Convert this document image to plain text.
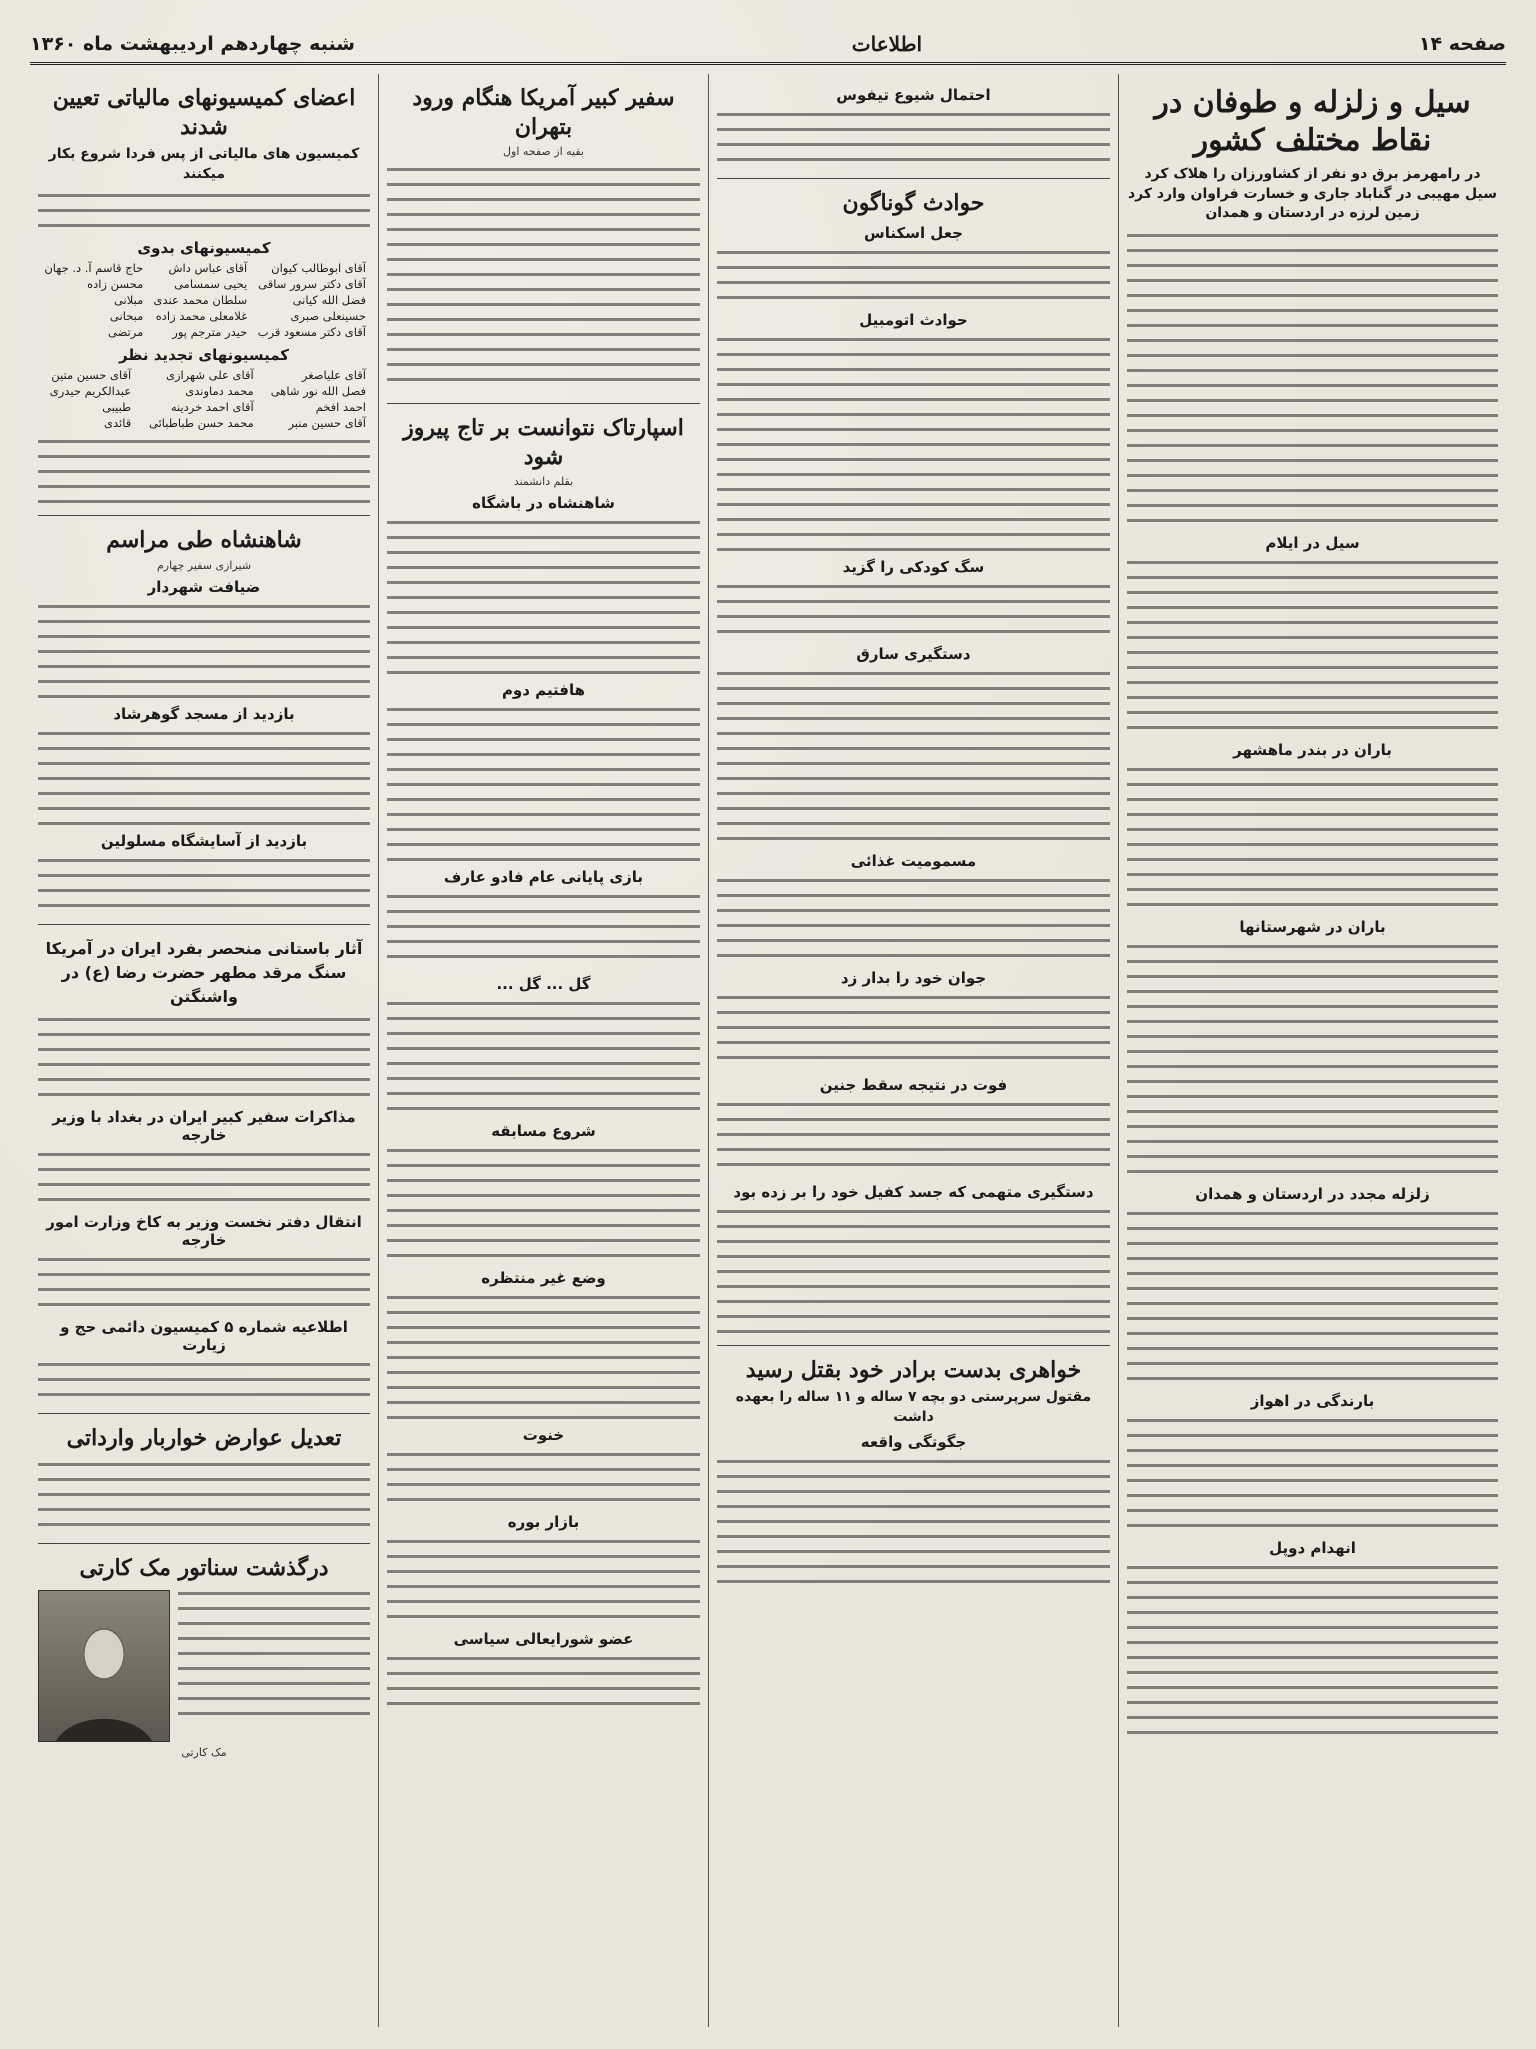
صفحه ۱۴
اطلاعات
شنبه چهاردهم اردیبهشت ماه ۱۳۶۰
سیل و زلزله و طوفان در نقاط مختلف کشور
در رامهرمز برق دو نفر از کشاورزان را هلاک کرد سیل مهیبی در گناباد جاری و خسارت فراوان وارد کرد زمین لرزه در اردستان و همدان
سیل در ایلام
باران در بندر ماهشهر
باران در شهرستانها
زلزله مجدد در اردستان و همدان
بارندگی در اهواز
انهدام دوپل
احتمال شیوع تیفوس
حوادث گوناگون
جعل اسکناس
حوادث اتومبیل
سگ کودکی را گزید
دستگیری سارق
مسمومیت غذائی
جوان خود را بدار زد
فوت در نتیجه سقط جنین
دستگیری متهمی که جسد کفیل خود را بر زده بود
خواهری بدست برادر خود بقتل رسید
مقتول سرپرستی دو بچه ۷ ساله و ۱۱ ساله را بعهده داشت
جگوتگی واقعه
سفیر کبیر آمریکا هنگام ورود بتهران
بقیه از صفحه اول
اسپارتاک نتوانست بر تاج پیروز شود
بقلم دانشمند
شاهنشاه در باشگاه
هافتیم دوم
بازی پایانی عام فادو عارف
گل ... گل ...
شروع مسابقه
وضع غیر منتظره
خنوت
بازار بوره
عضو شورایعالی سیاسی
اعضای کمیسیونهای مالیاتی تعیین شدند
کمیسیون های مالیاتی از پس فردا شروع بکار میکنند
کمیسیونهای بدوی
آقای ابوطالب کیوان	آقای عباس داش	حاج قاسم آ. د. جهان
آقای دکتر سرور ساقی	یحیی سمسامی	محسن زاده
فضل الله کیانی	سلطان محمد عندی	مبلانی
حسینعلی صبری	غلامعلی محمد زاده	مبحانی
آقای دکتر مسعود قرب	حیدر مترجم پور	مرتضی
کمیسیونهای تجدید نظر
آقای علیاصغر	آقای علی شهرازی	آقای حسین متین
فصل الله نور شاهی	محمد دماوندی	عبدالکریم حیدری
احمد افخم	آقای احمد خردینه	طبیبی
آقای حسین منبر	محمد حسن طباطبائی	قائدی
شاهنشاه طی مراسم
شیرازی سفیر چهارم
ضیافت شهردار
بازدید از مسجد گوهرشاد
بازدید از آسایشگاه مسلولین
آثار باستانی منحصر بفرد ایران در آمریکا سنگ مرقد مطهر حضرت رضا (ع) در واشنگتن
مذاکرات سفیر کبیر ایران در بغداد با وزیر خارجه
انتقال دفتر نخست وزیر به کاخ وزارت امور خارجه
اطلاعیه شماره ۵ کمیسیون دائمی حج و زیارت
تعدیل عوارض خواربار وارداتی
درگذشت سناتور مک کارتی
مک کارتی
